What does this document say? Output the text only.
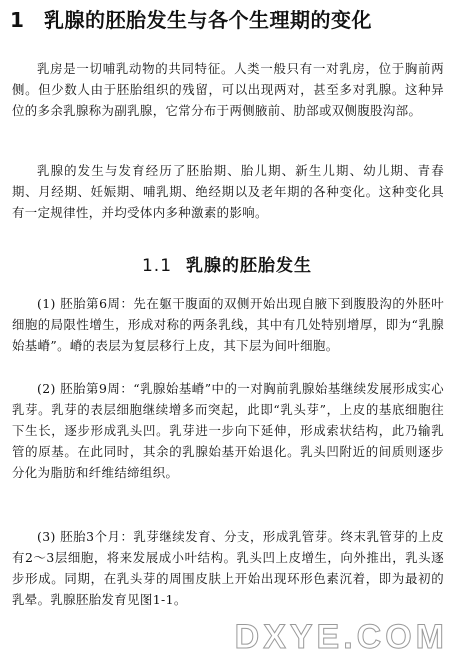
1 乳腺的胚胎发生与各个生理期的变化

乳房是一切哺乳动物的共同特征。人类一般只有一对乳房，位于胸前两侧。但少数人由于胚胎组织的残留，可以出现两对，甚至多对乳腺。这种异位的多余乳腺称为副乳腺，它常分布于两侧腋前、肋部或双侧腹股沟部。

乳腺的发生与发育经历了胚胎期、胎儿期、新生儿期、幼儿期、青春期、月经期、妊娠期、哺乳期、绝经期以及老年期的各种变化。这种变化具有一定规律性，并均受体内多种激素的影响。

1.1 乳腺的胚胎发生

(1) 胚胎第6周：先在躯干腹面的双侧开始出现自腋下到腹股沟的外胚叶细胞的局限性增生，形成对称的两条乳线，其中有几处特别增厚，即为“乳腺始基嵴”。嵴的表层为复层移行上皮，其下层为间叶细胞。

(2) 胚胎第9周：“乳腺始基嵴”中的一对胸前乳腺始基继续发展形成实心乳芽。乳芽的表层细胞继续增多而突起，此即“乳头芽”，上皮的基底细胞往下生长，逐步形成乳头凹。乳芽进一步向下延伸，形成索状结构，此乃输乳管的原基。在此同时，其余的乳腺始基开始退化。乳头凹附近的间质则逐步分化为脂肪和纤维结缔组织。

(3) 胚胎3个月：乳芽继续发育、分支，形成乳管芽。终末乳管芽的上皮有2～3层细胞，将来发展成小叶结构。乳头凹上皮增生，向外推出，乳头逐步形成。同期，在乳头芽的周围皮肤上开始出现环形色素沉着，即为最初的乳晕。乳腺胚胎发育见图1-1。

DXYE.COM
